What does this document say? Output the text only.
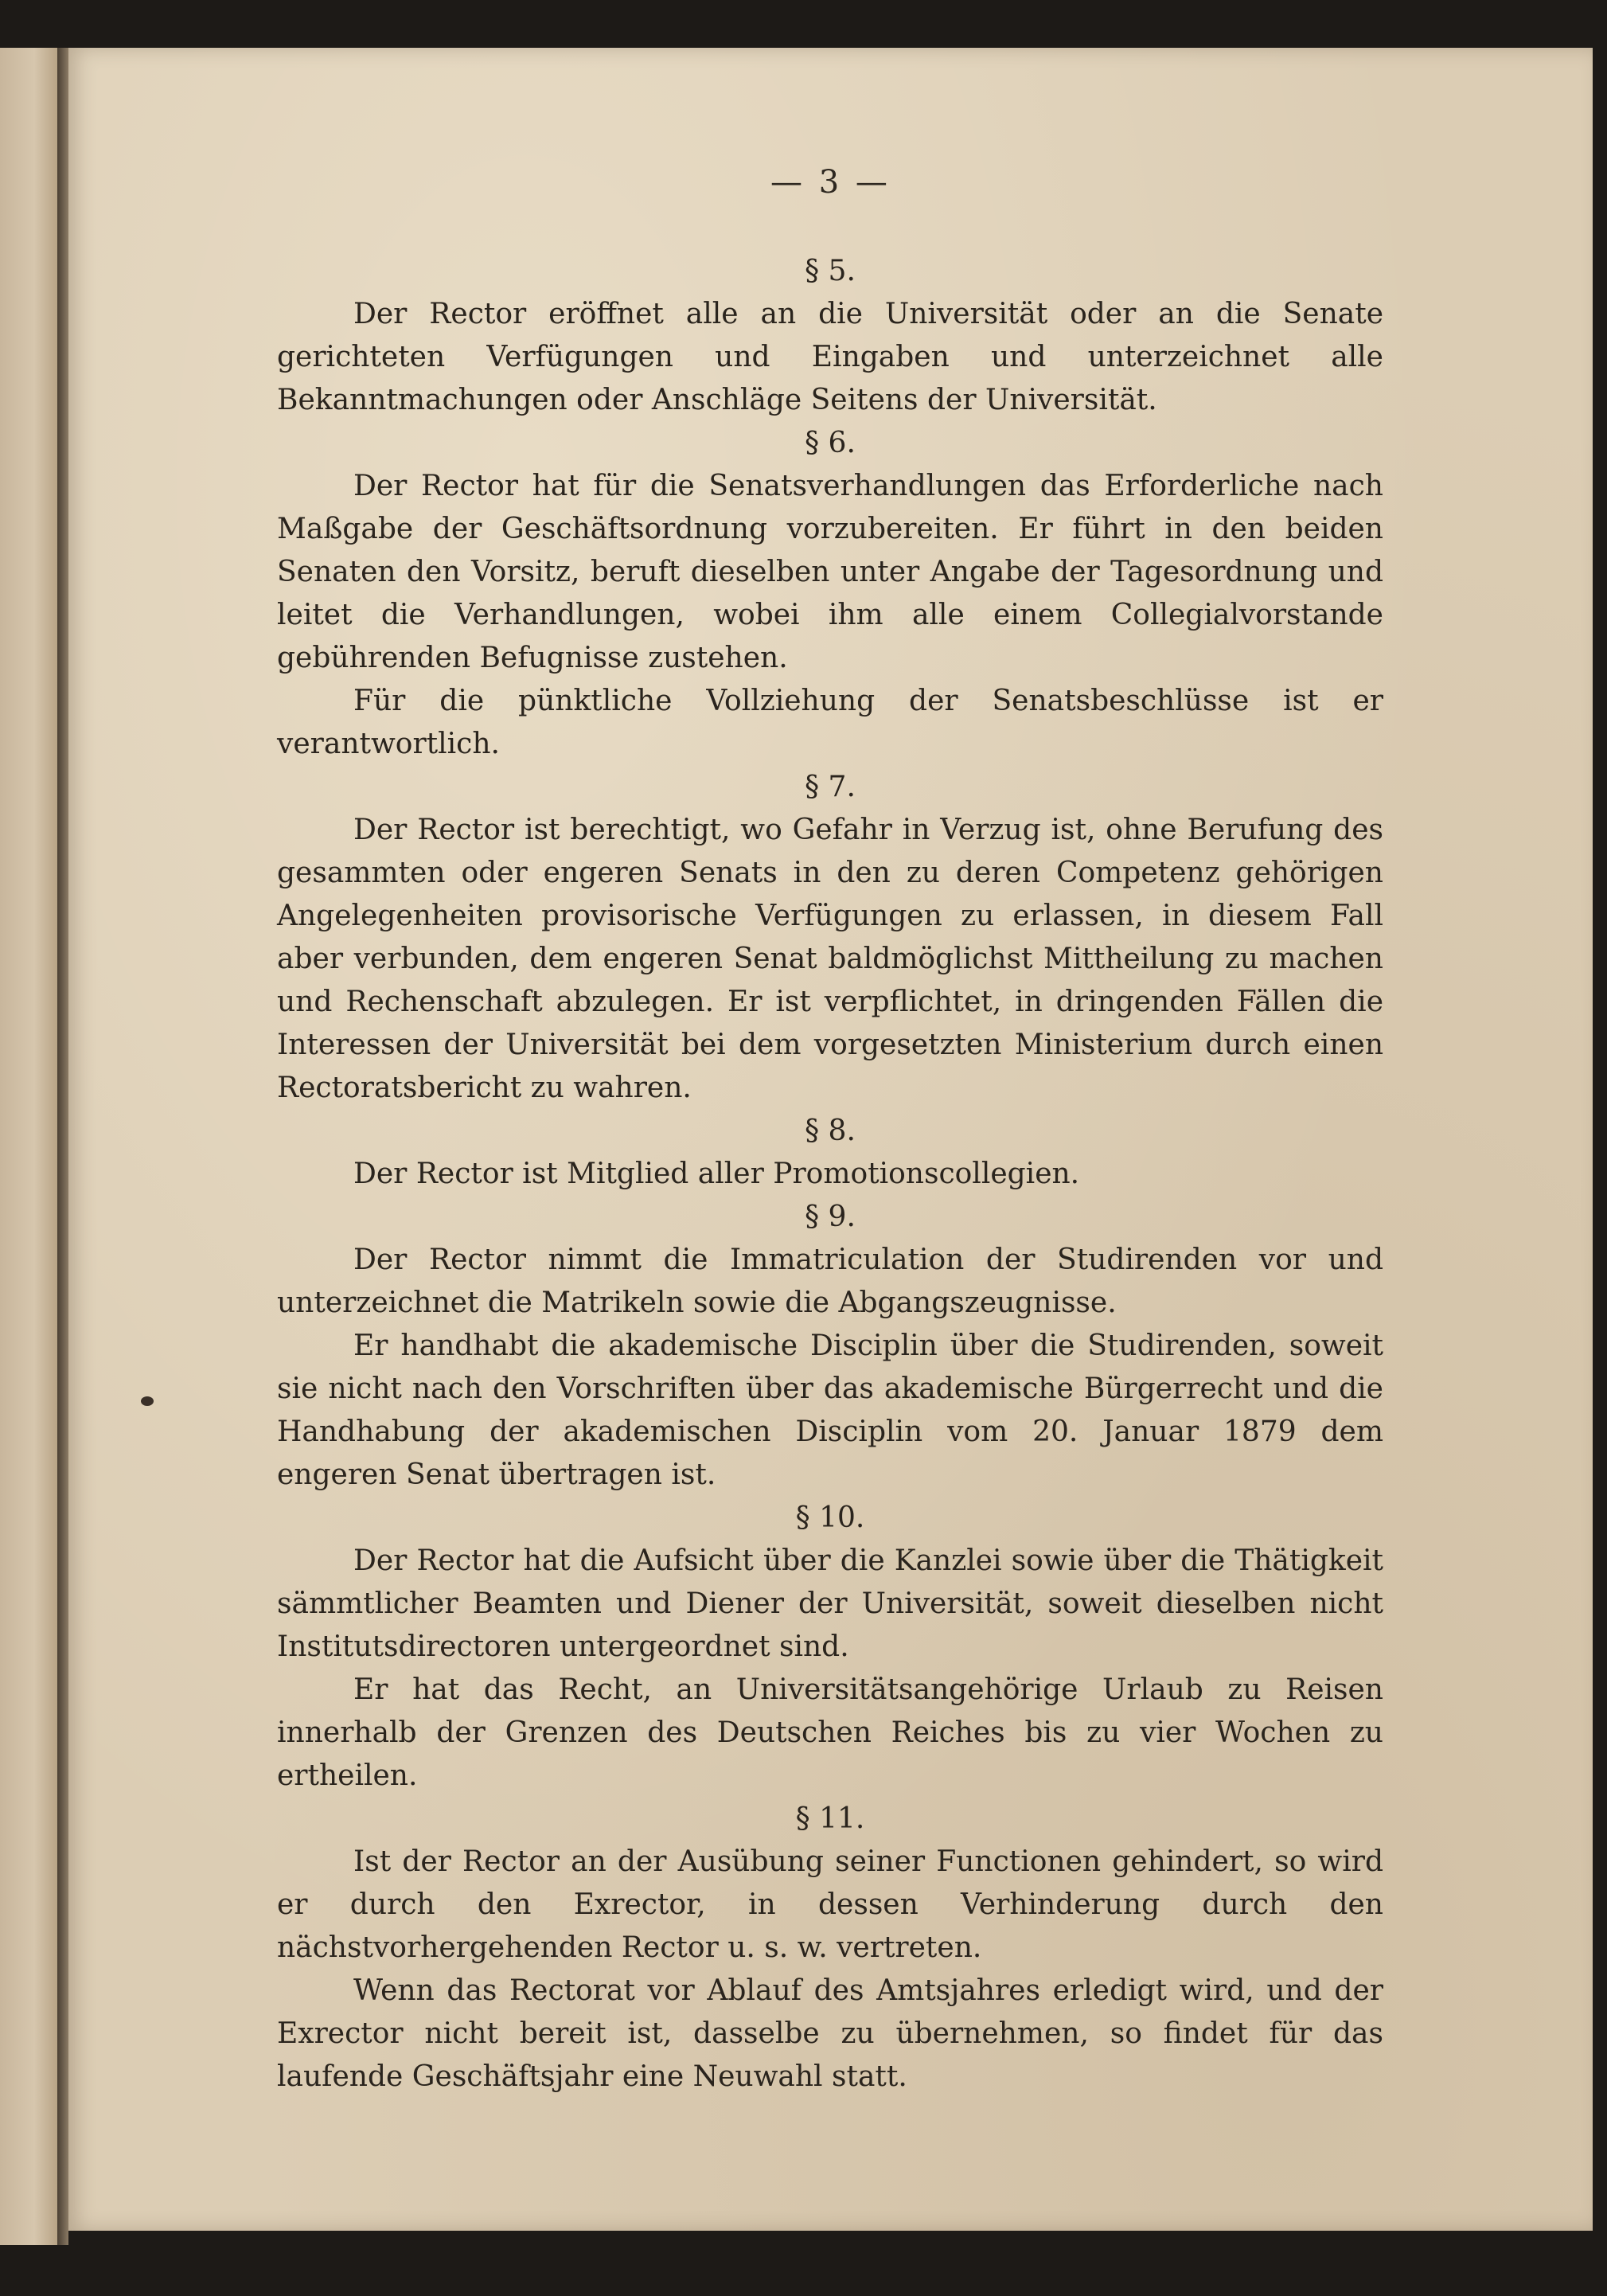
— 3 —

§ 5.

Der Rector eröffnet alle an die Universität oder an die Senate gerichteten Verfügungen und Eingaben und unterzeichnet alle Bekanntmachungen oder Anschläge Seitens der Universität.

§ 6.

Der Rector hat für die Senatsverhandlungen das Erforderliche nach Maßgabe der Geschäftsordnung vorzubereiten. Er führt in den beiden Senaten den Vorsitz, beruft dieselben unter Angabe der Tagesordnung und leitet die Verhandlungen, wobei ihm alle einem Collegialvorstande gebührenden Befugnisse zustehen.

Für die pünktliche Vollziehung der Senatsbeschlüsse ist er verantwortlich.

§ 7.

Der Rector ist berechtigt, wo Gefahr in Verzug ist, ohne Berufung des gesammten oder engeren Senats in den zu deren Competenz gehörigen Angelegenheiten provisorische Verfügungen zu erlassen, in diesem Fall aber verbunden, dem engeren Senat baldmöglichst Mittheilung zu machen und Rechenschaft abzulegen. Er ist verpflichtet, in dringenden Fällen die Interessen der Universität bei dem vorgesetzten Ministerium durch einen Rectoratsbericht zu wahren.

§ 8.

Der Rector ist Mitglied aller Promotionscollegien.

§ 9.

Der Rector nimmt die Immatriculation der Studirenden vor und unterzeichnet die Matrikeln sowie die Abgangszeugnisse.

Er handhabt die akademische Disciplin über die Studirenden, soweit sie nicht nach den Vorschriften über das akademische Bürgerrecht und die Handhabung der akademischen Disciplin vom 20. Januar 1879 dem engeren Senat übertragen ist.

§ 10.

Der Rector hat die Aufsicht über die Kanzlei sowie über die Thätigkeit sämmtlicher Beamten und Diener der Universität, soweit dieselben nicht Institutsdirectoren untergeordnet sind.

Er hat das Recht, an Universitätsangehörige Urlaub zu Reisen innerhalb der Grenzen des Deutschen Reiches bis zu vier Wochen zu ertheilen.

§ 11.

Ist der Rector an der Ausübung seiner Functionen gehindert, so wird er durch den Exrector, in dessen Verhinderung durch den nächstvorhergehenden Rector u. s. w. vertreten.

Wenn das Rectorat vor Ablauf des Amtsjahres erledigt wird, und der Exrector nicht bereit ist, dasselbe zu übernehmen, so findet für das laufende Geschäftsjahr eine Neuwahl statt.
